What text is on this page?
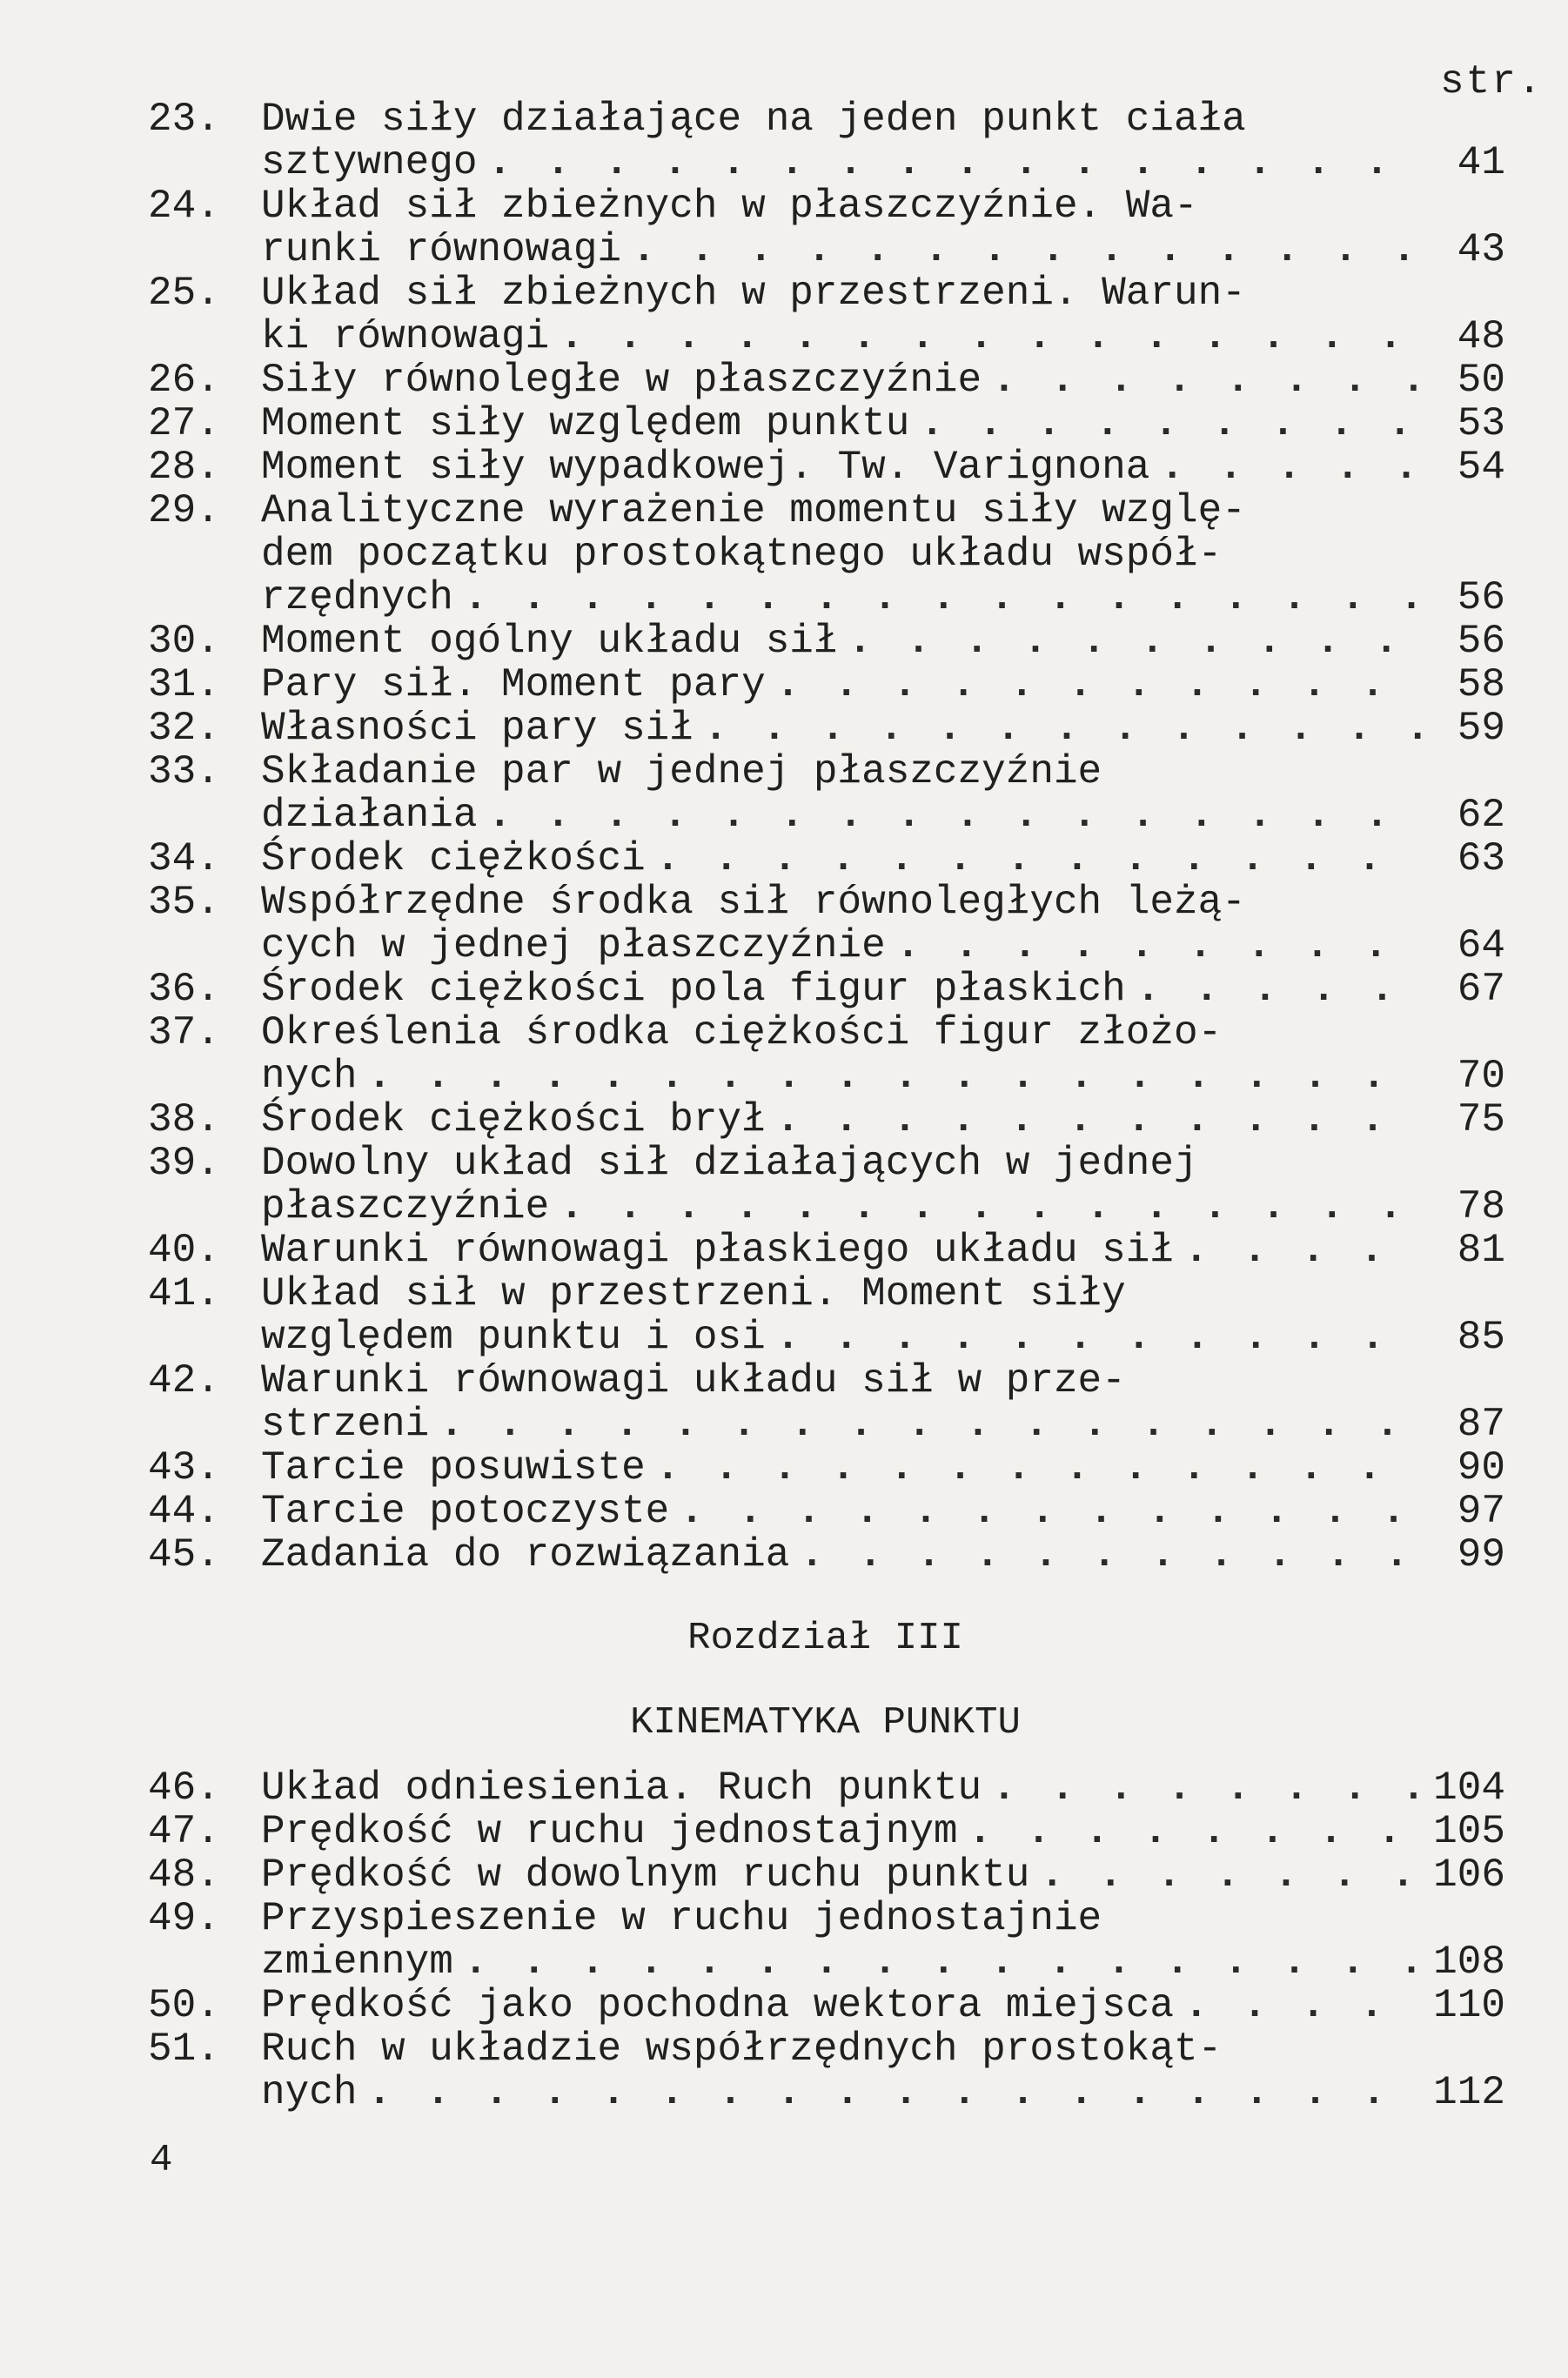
str.
23.	Dwie siły działające na jeden punkt ciała
sztywnego . . .	41
24.	Układ sił zbieżnych w płaszczyźnie. Wa-
runki równowagi . . .	43
25.	Układ sił zbieżnych w przestrzeni. Warun-
ki równowagi . . .	48
26.	Siły równoległe w płaszczyźnie . . .	50
27.	Moment siły względem punktu . . .	53
28.	Moment siły wypadkowej. Tw. Varignona . . .	54
29.	Analityczne wyrażenie momentu siły wzglę-
dem początku prostokątnego układu współ-
rzędnych . . .	56
30.	Moment ogólny układu sił . . .	56
31.	Pary sił. Moment pary . . .	58
32.	Własności pary sił . . .	59
33.	Składanie par w jednej płaszczyźnie
działania . . .	62
34.	Środek ciężkości . . .	63
35.	Współrzędne środka sił równoległych leżą-
cych w jednej płaszczyźnie . . .	64
36.	Środek ciężkości pola figur płaskich . . .	67
37.	Określenia środka ciężkości figur złożo-
nych . . .	70
38.	Środek ciężkości brył . . .	75
39.	Dowolny układ sił działających w jednej
płaszczyźnie . . .	78
40.	Warunki równowagi płaskiego układu sił . . .	81
41.	Układ sił w przestrzeni. Moment siły
względem punktu i osi . . .	85
42.	Warunki równowagi układu sił w prze-
strzeni . . .	87
43.	Tarcie posuwiste . . .	90
44.	Tarcie potoczyste . . .	97
45.	Zadania do rozwiązania . . .	99
Rozdział III
KINEMATYKA PUNKTU
46.	Układ odniesienia. Ruch punktu . . .	104
47.	Prędkość w ruchu jednostajnym . . .	105
48.	Prędkość w dowolnym ruchu punktu . . .	106
49.	Przyspieszenie w ruchu jednostajnie
zmiennym . . .	108
50.	Prędkość jako pochodna wektora miejsca . . .	110
51.	Ruch w układzie współrzędnych prostokąt-
nych . . .	112
4
